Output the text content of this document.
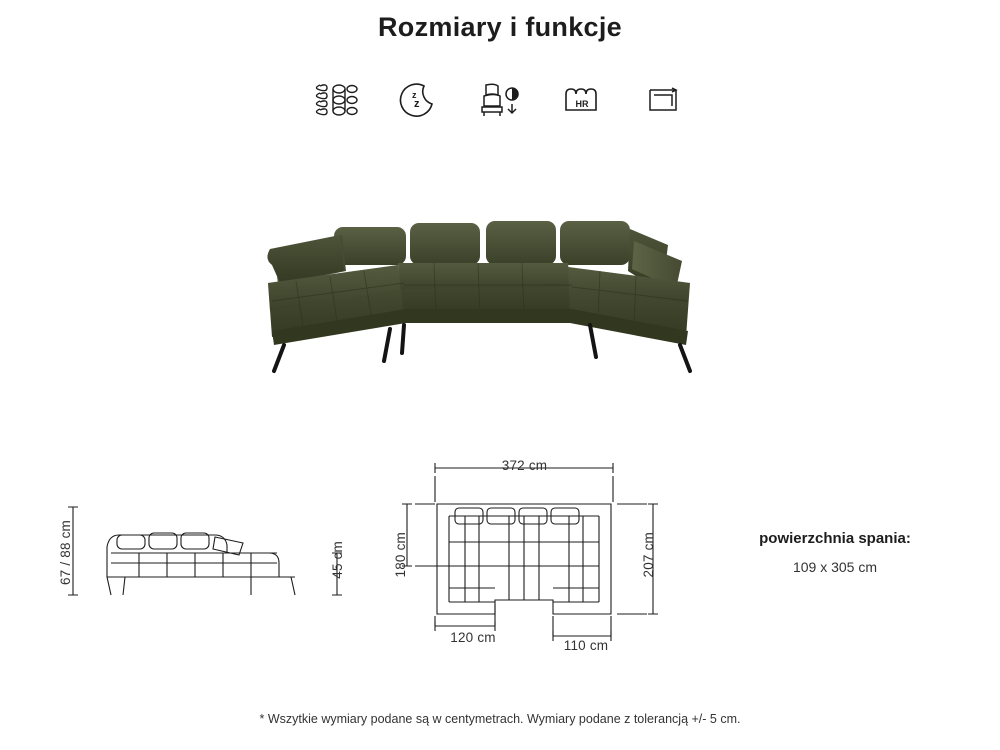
Rozmiary i funkcje
z
z	HR
67 / 88 cm	45 cm
372 cm
180 cm	207 cm
120 cm
110 cm
powierzchnia spania:
109 x 305 cm
* Wszytkie wymiary podane są w centymetrach. Wymiary podane z tolerancją +/- 5 cm.
